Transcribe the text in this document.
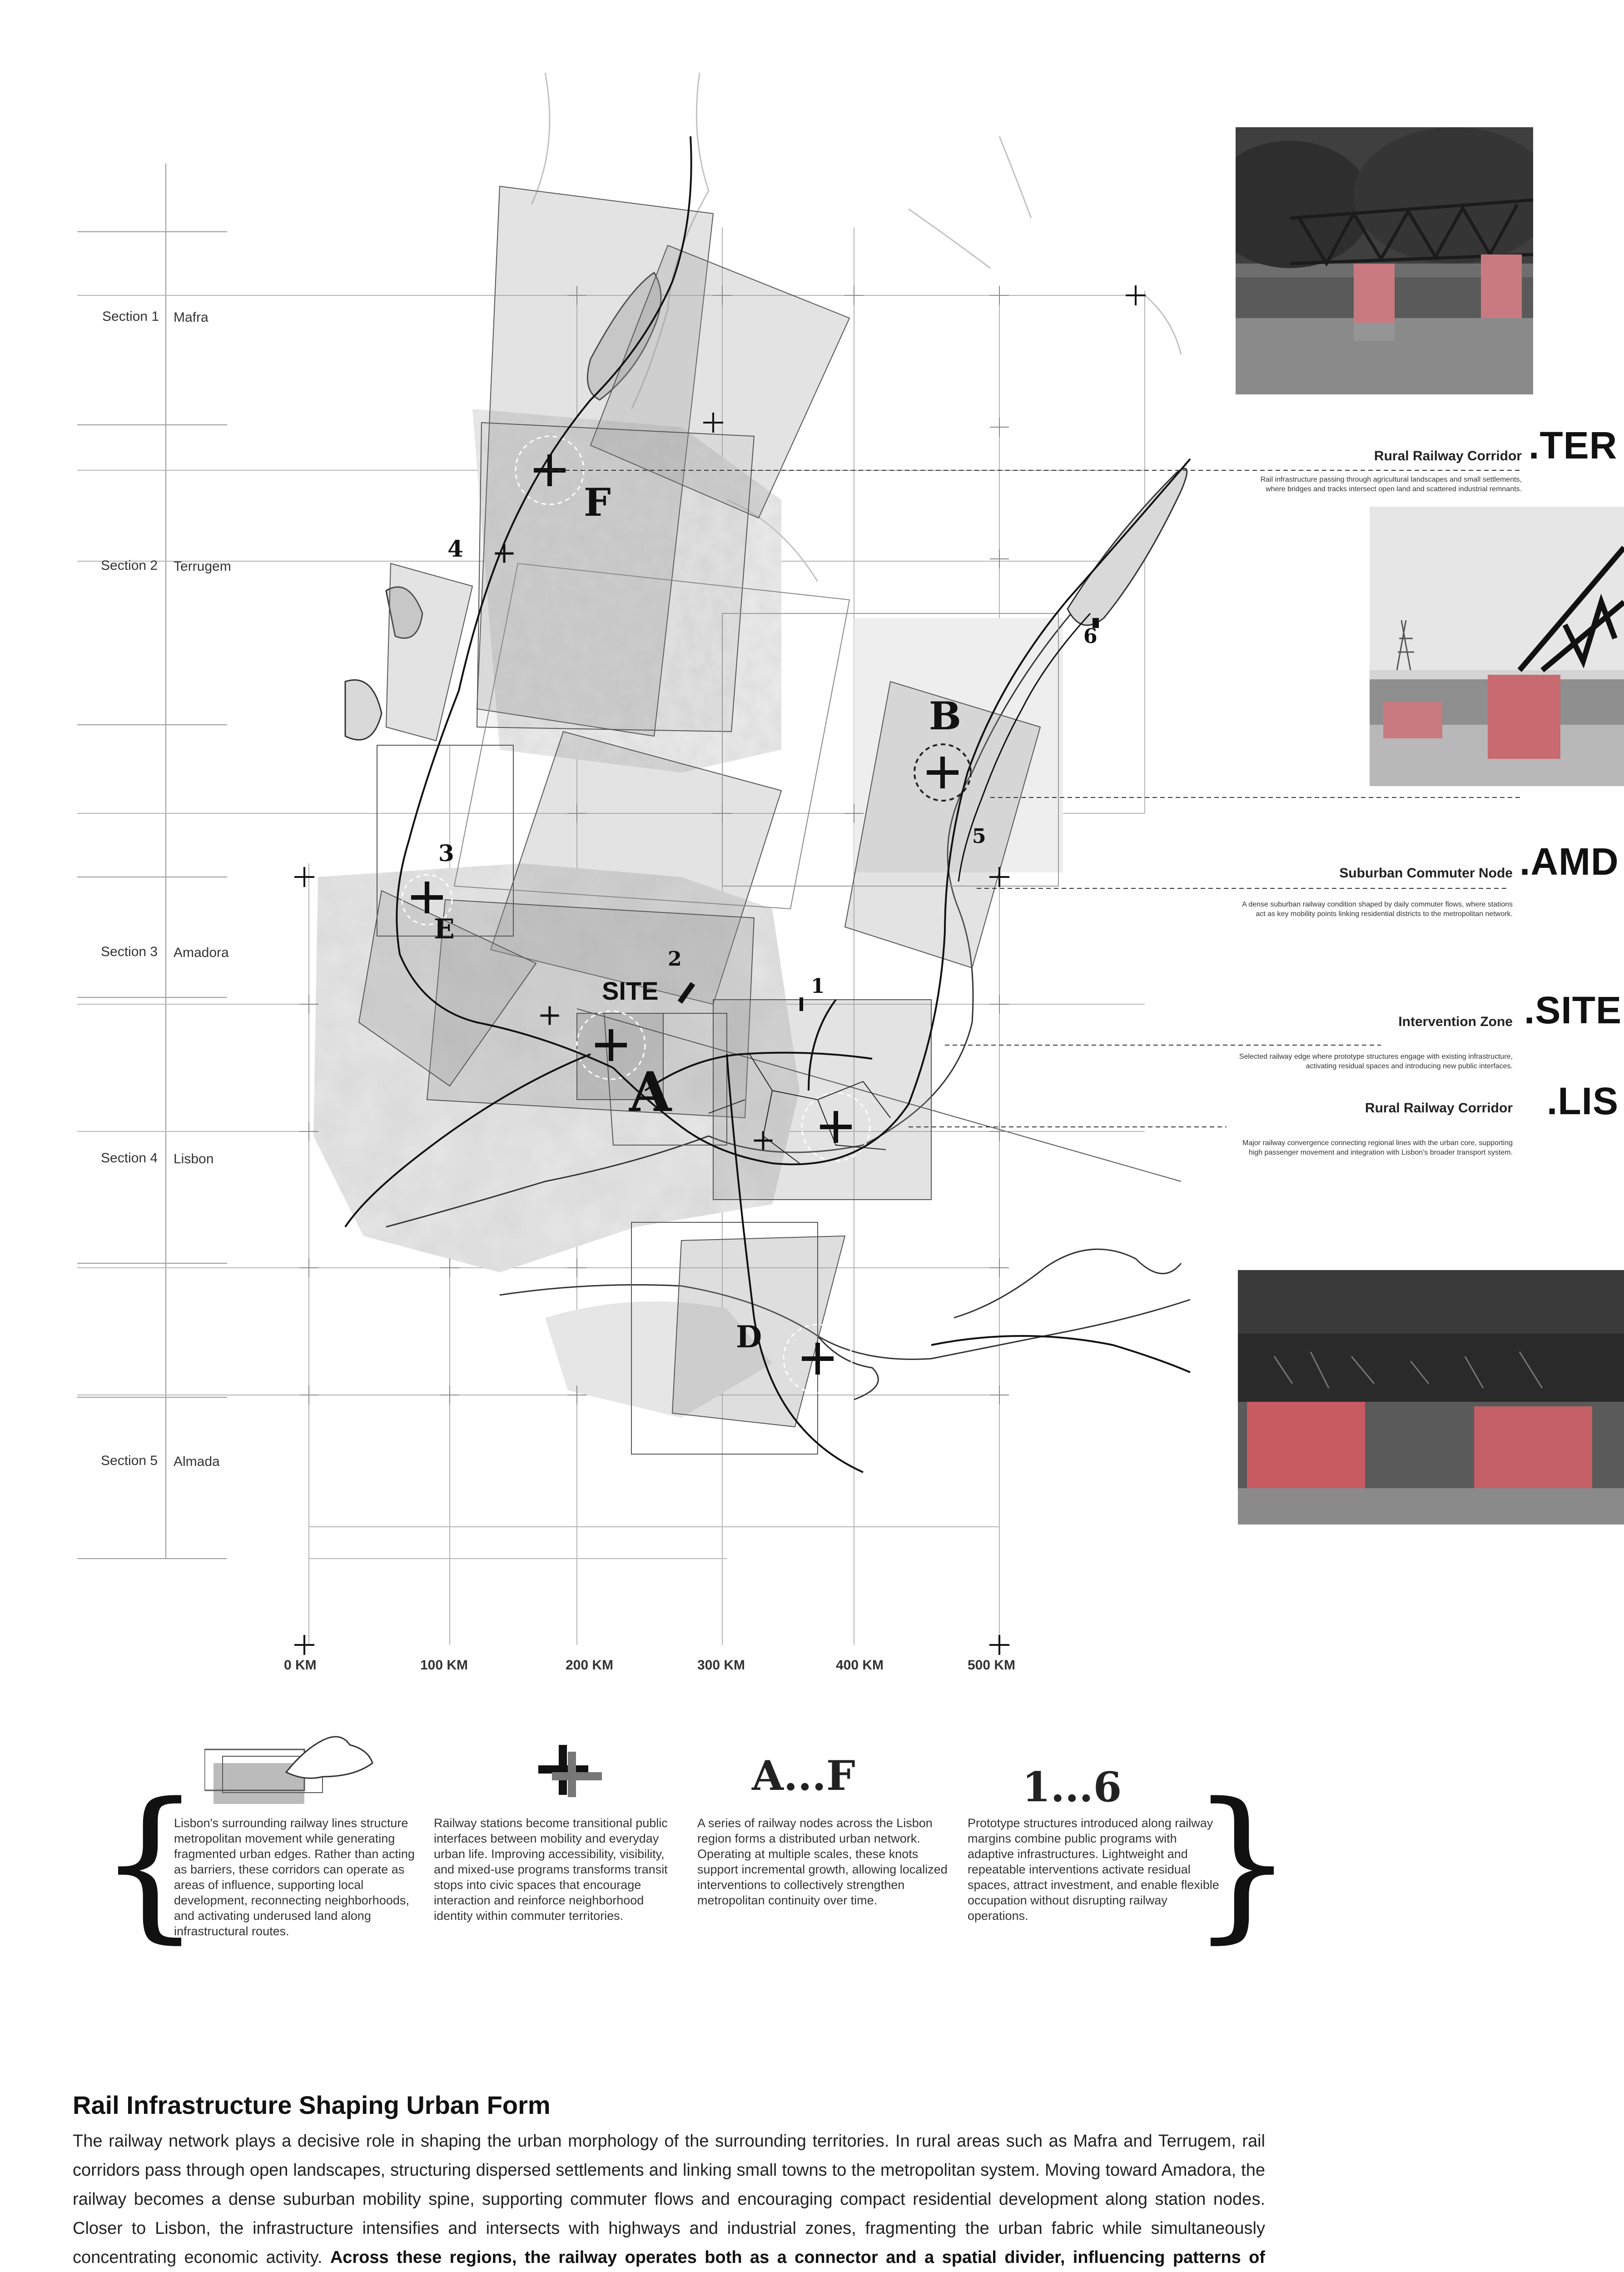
F
B
E
A
D
SITE	1
2
3
4
5
6
Section 1 Mafra
Section 2 Terrugem
Section 3 Amadora
Section 4 Lisbon
Section 5 Almada
0 KM	100 KM	200 KM	300 KM	400 KM	500 KM
Rural Railway Corridor .TER
Rail infrastructure passing through agricultural landscapes and small settlements, where bridges and tracks intersect open land and scattered industrial remnants.
Suburban Commuter Node .AMD
A dense suburban railway condition shaped by daily commuter flows, where stations act as key mobility points linking residential districts to the metropolitan network.
Intervention Zone .SITE
Selected railway edge where prototype structures engage with existing infrastructure, activating residual spaces and introducing new public interfaces.
Rural Railway Corridor .LIS
Major railway convergence connecting regional lines with the urban core, supporting high passenger movement and integration with Lisbon's broader transport system.
{	}
A...F	1...6
Lisbon's surrounding railway lines structure metropolitan movement while generating fragmented urban edges. Rather than acting as barriers, these corridors can operate as areas of influence, supporting local development, reconnecting neighborhoods, and activating underused land along infrastructural routes.
Railway stations become transitional public interfaces between mobility and everyday urban life. Improving accessibility, visibility, and mixed-use programs transforms transit stops into civic spaces that encourage interaction and reinforce neighborhood identity within commuter territories.
A series of railway nodes across the Lisbon region forms a distributed urban network. Operating at multiple scales, these knots support incremental growth, allowing localized interventions to collectively strengthen metropolitan continuity over time.
Prototype structures introduced along railway margins combine public programs with adaptive infrastructures. Lightweight and repeatable interventions activate residual spaces, attract investment, and enable flexible occupation without disrupting railway operations.
Rail Infrastructure Shaping Urban Form
The railway network plays a decisive role in shaping the urban morphology of the surrounding territories. In rural areas such as Mafra and Terrugem, rail corridors pass through open landscapes, structuring dispersed settlements and linking small towns to the metropolitan system. Moving toward Amadora, the railway becomes a dense suburban mobility spine, supporting commuter flows and encouraging compact residential development along station nodes. Closer to Lisbon, the infrastructure intensifies and intersects with highways and industrial zones, fragmenting the urban fabric while simultaneously concentrating economic activity. Across these regions, the railway operates both as a connector and a spatial divider, influencing patterns of
